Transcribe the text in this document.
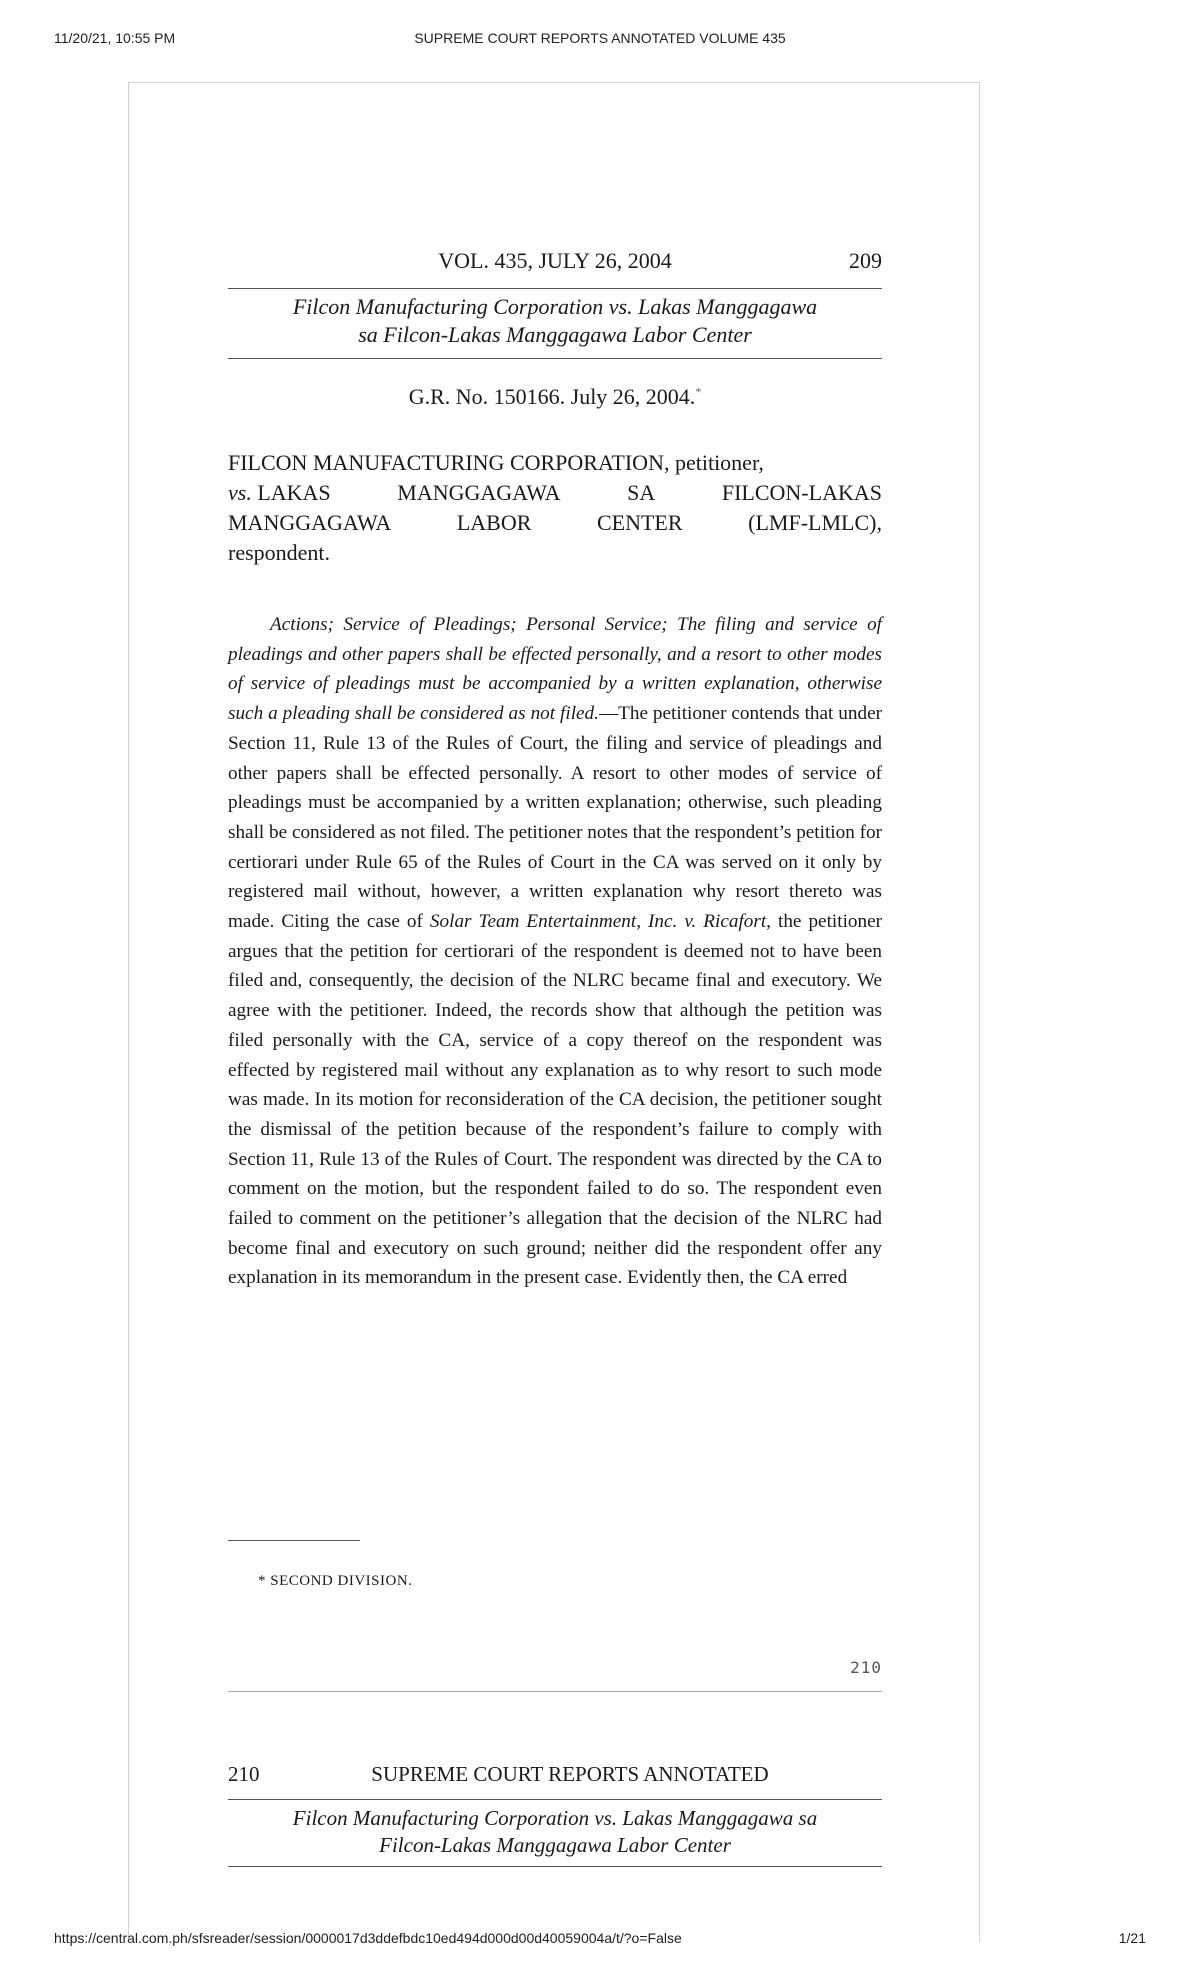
SUPREME COURT REPORTS ANNOTATED VOLUME 435
11/20/21, 10:55 PM
VOL. 435, JULY 26, 2004	209
Filcon Manufacturing Corporation vs. Lakas Manggagawa
sa Filcon-Lakas Manggagawa Labor Center
G.R. No. 150166. July 26, 2004.*
FILCON MANUFACTURING CORPORATION, petitioner,
vs. LAKAS	MANGGAGAWA	SA	FILCON-LAKAS
MANGGAGAWA	LABOR	CENTER	(LMF-LMLC),
respondent.

Actions; Service of Pleadings; Personal Service; The filing and service of pleadings and other papers shall be effected personally, and a resort to other modes of service of pleadings must be accompanied by a written explanation, otherwise such a pleading shall be considered as not filed.—The petitioner contends that under Section 11, Rule 13 of the Rules of Court, the filing and service of pleadings and other papers shall be effected personally. A resort to other modes of service of pleadings must be accompanied by a written explanation; otherwise, such pleading shall be considered as not filed. The petitioner notes that the respondent’s petition for certiorari under Rule 65 of the Rules of Court in the CA was served on it only by registered mail without, however, a written explanation why resort thereto was made. Citing the case of Solar Team Entertainment, Inc. v. Ricafort, the petitioner argues that the petition for certiorari of the respondent is deemed not to have been filed and, consequently, the decision of the NLRC became final and executory. We agree with the petitioner. Indeed, the records show that although the petition was filed personally with the CA, service of a copy thereof on the respondent was effected by registered mail without any explanation as to why resort to such mode was made. In its motion for reconsideration of the CA decision, the petitioner sought the dismissal of the petition because of the respondent’s failure to comply with Section 11, Rule 13 of the Rules of Court. The respondent was directed by the CA to comment on the motion, but the respondent failed to do so. The respondent even failed to comment on the petitioner’s allegation that the decision of the NLRC had become final and executory on such ground; neither did the respondent offer any explanation in its memorandum in the present case. Evidently then, the CA erred

* SECOND DIVISION.
210
210	SUPREME COURT REPORTS ANNOTATED
Filcon Manufacturing Corporation vs. Lakas Manggagawa sa
Filcon-Lakas Manggagawa Labor Center
https://central.com.ph/sfsreader/session/0000017d3ddefbdc10ed494d000d00d40059004a/t/?o=False	1/21
